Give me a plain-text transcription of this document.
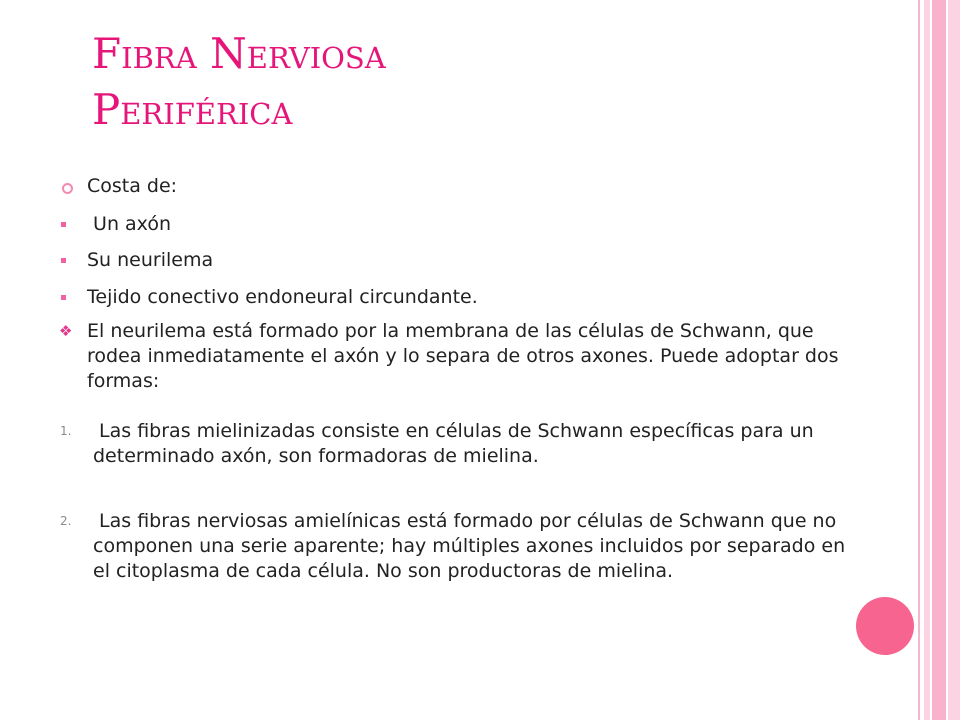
Fibra Nerviosa
Periférica
Costa de:
Un axón
Su neurilema
Tejido conectivo endoneural circundante.
❖ El neurilema está formado por la membrana de las células de Schwann, que rodea inmediatamente el axón y lo separa de otros axones. Puede adoptar dos formas:
1. Las fibras mielinizadas consiste en células de Schwann específicas para un determinado axón, son formadoras de mielina.
2. Las fibras nerviosas amielínicas está formado por células de Schwann que no componen una serie aparente; hay múltiples axones incluidos por separado en el citoplasma de cada célula. No son productoras de mielina.
